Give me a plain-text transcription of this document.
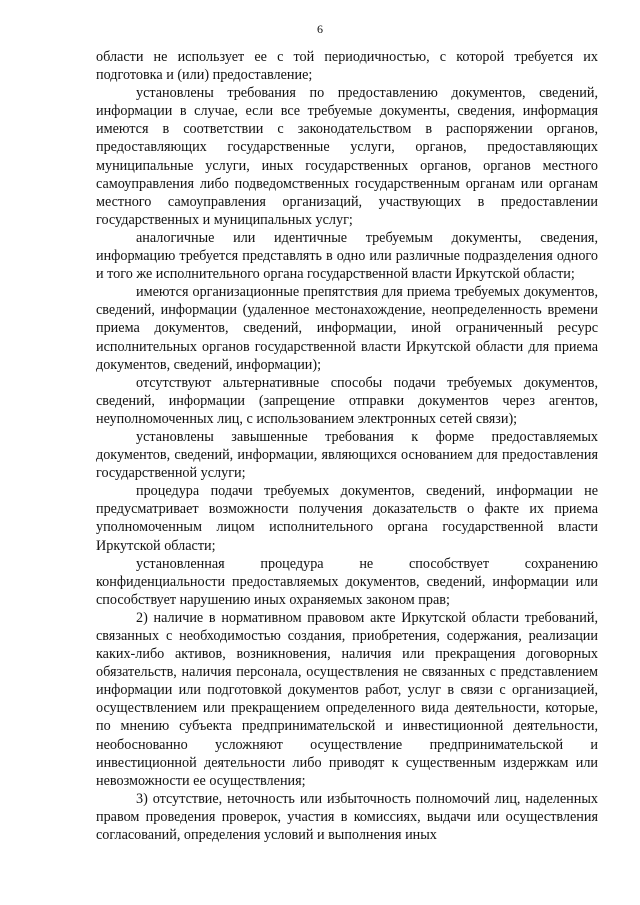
6

области не использует ее с той периодичностью, с которой требуется их подготовка и (или) предоставление;

установлены требования по предоставлению документов, сведений, информации в случае, если все требуемые документы, сведения, информация имеются в соответствии с законодательством в распоряжении органов, предоставляющих государственные услуги, органов, предоставляющих муниципальные услуги, иных государственных органов, органов местного самоуправления либо подведомственных государственным органам или органам местного самоуправления организаций, участвующих в предоставлении государственных и муниципальных услуг;

аналогичные или идентичные требуемым документы, сведения, информацию требуется представлять в одно или различные подразделения одного и того же исполнительного органа государственной власти Иркутской области;

имеются организационные препятствия для приема требуемых документов, сведений, информации (удаленное местонахождение, неопределенность времени приема документов, сведений, информации, иной ограниченный ресурс исполнительных органов государственной власти Иркутской области для приема документов, сведений, информации);

отсутствуют альтернативные способы подачи требуемых документов, сведений, информации (запрещение отправки документов через агентов, неуполномоченных лиц, с использованием электронных сетей связи);

установлены завышенные требования к форме предоставляемых документов, сведений, информации, являющихся основанием для предоставления государственной услуги;

процедура подачи требуемых документов, сведений, информации не предусматривает возможности получения доказательств о факте их приема уполномоченным лицом исполнительного органа государственной власти Иркутской области;

установленная процедура не способствует сохранению конфиденциальности предоставляемых документов, сведений, информации или способствует нарушению иных охраняемых законом прав;

2) наличие в нормативном правовом акте Иркутской области требований, связанных с необходимостью создания, приобретения, содержания, реализации каких-либо активов, возникновения, наличия или прекращения договорных обязательств, наличия персонала, осуществления не связанных с представлением информации или подготовкой документов работ, услуг в связи с организацией, осуществлением или прекращением определенного вида деятельности, которые, по мнению субъекта предпринимательской и инвестиционной деятельности, необоснованно усложняют осуществление предпринимательской и инвестиционной деятельности либо приводят к существенным издержкам или невозможности ее осуществления;

3) отсутствие, неточность или избыточность полномочий лиц, наделенных правом проведения проверок, участия в комиссиях, выдачи или осуществления согласований, определения условий и выполнения иных
